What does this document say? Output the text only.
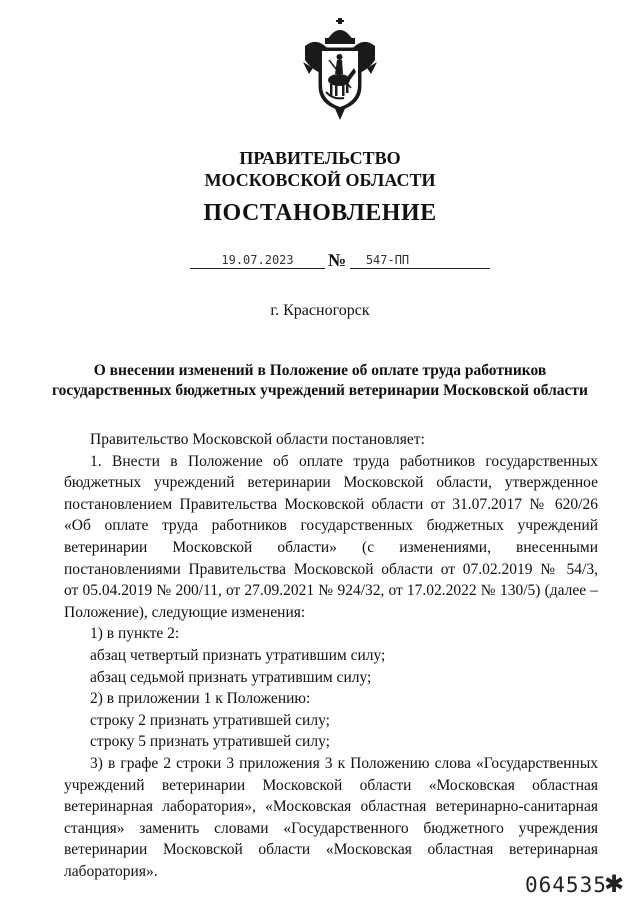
ПРАВИТЕЛЬСТВО
МОСКОВСКОЙ ОБЛАСТИ
ПОСТАНОВЛЕНИЕ
19.07.2023	№	547-ПП
г. Красногорск
О внесении изменений в Положение об оплате труда работников
государственных бюджетных учреждений ветеринарии Московской области
Правительство Московской области постановляет:
1. Внести в Положение об оплате труда работников государственных
бюджетных учреждений ветеринарии Московской области, утвержденное
постановлением Правительства Московской области от 31.07.2017 № 620/26
«Об оплате труда работников государственных бюджетных учреждений
ветеринарии Московской области» (с изменениями, внесенными
постановлениями Правительства Московской области от 07.02.2019 № 54/3,
от 05.04.2019 № 200/11, от 27.09.2021 № 924/32, от 17.02.2022 № 130/5) (далее –
Положение), следующие изменения:
1) в пункте 2:
абзац четвертый признать утратившим силу;
абзац седьмой признать утратившим силу;
2) в приложении 1 к Положению:
строку 2 признать утратившей силу;
строку 5 признать утратившей силу;
3) в графе 2 строки 3 приложения 3 к Положению слова «Государственных
учреждений ветеринарии Московской области «Московская областная
ветеринарная лаборатория», «Московская областная ветеринарно-санитарная
станция» заменить словами «Государственного бюджетного учреждения
ветеринарии Московской области «Московская областная ветеринарная
лаборатория».
064535
✱
